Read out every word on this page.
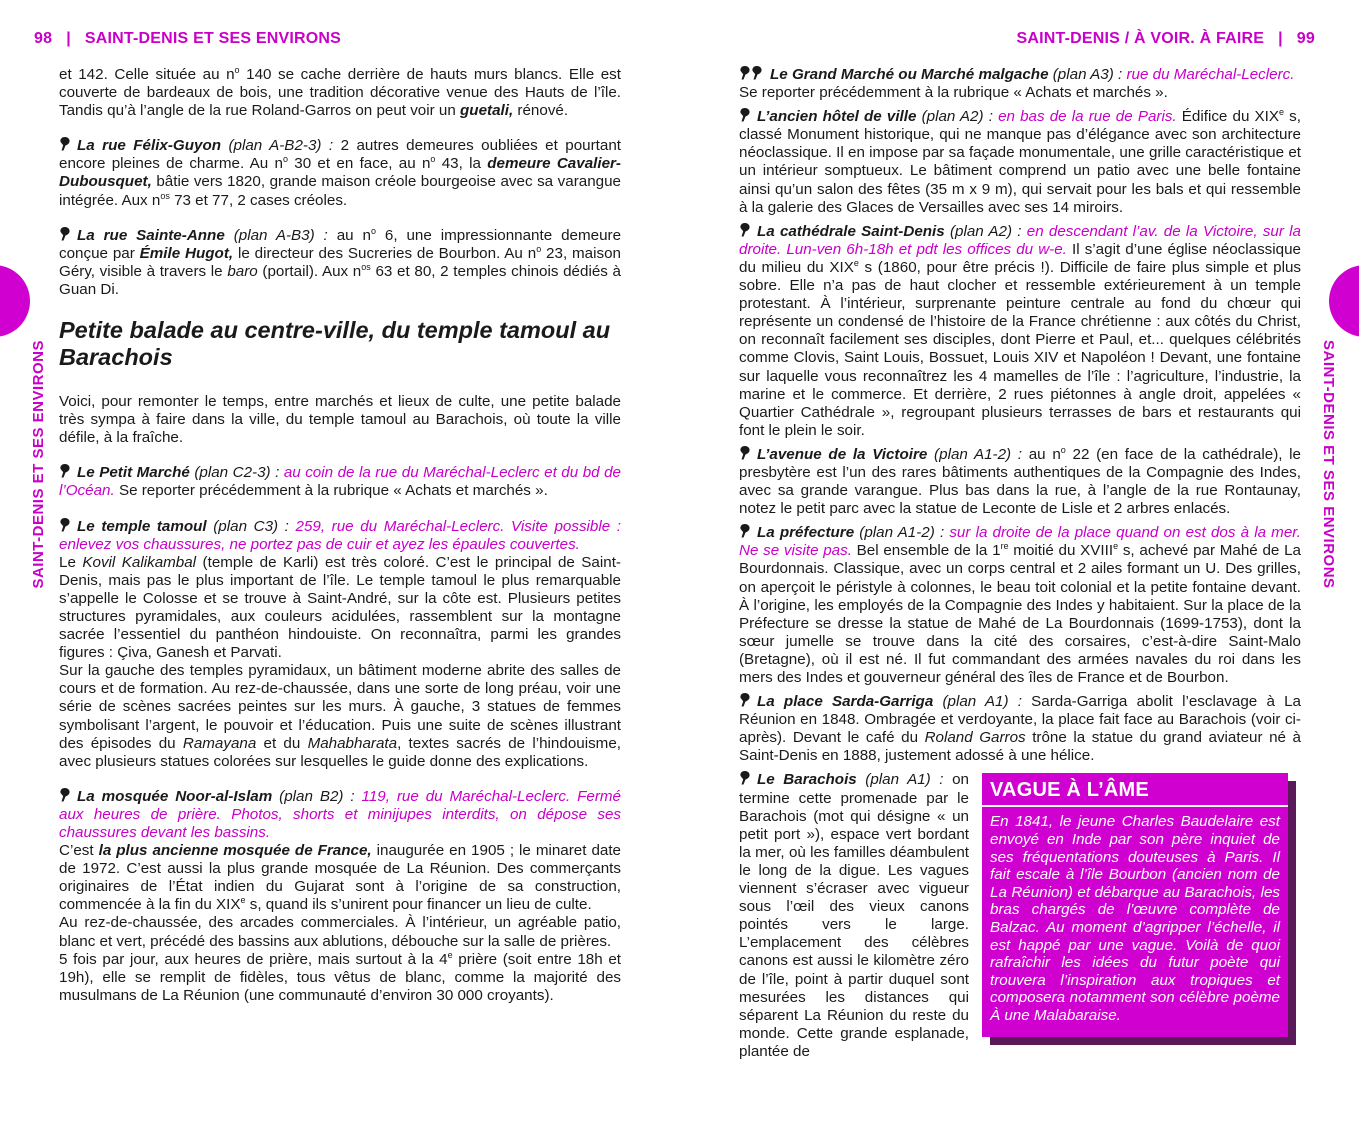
98 | SAINT-DENIS ET SES ENVIRONS	SAINT-DENIS / À VOIR. À FAIRE | 99
SAINT-DENIS ET SES ENVIRONS	SAINT-DENIS ET SES ENVIRONS

et 142. Celle située au $n^o$ 140 se cache derrière de hauts murs blancs. Elle est couverte de bardeaux de bois, une tradition décorative venue des Hauts de l’île. Tandis qu’à l’angle de la rue Roland-Garros on peut voir un guetali, rénové.

La rue Félix-Guyon (plan A-B2-3) : 2 autres demeures oubliées et pourtant encore pleines de charme. Au $n^o$ 30 et en face, au $n^o$ 43, la demeure Cavalier-Dubousquet, bâtie vers 1820, grande maison créole bourgeoise avec sa varangue intégrée. Aux $n^{os}$ 73 et 77, 2 cases créoles.

La rue Sainte-Anne (plan A-B3) : au $n^o$ 6, une impressionnante demeure conçue par Émile Hugot, le directeur des Sucreries de Bourbon. Au $n^o$ 23, maison Géry, visible à travers le baro (portail). Aux $n^{os}$ 63 et 80, 2 temples chinois dédiés à Guan Di.

Petite balade au centre-ville, du temple tamoul au Barachois

Voici, pour remonter le temps, entre marchés et lieux de culte, une petite balade très sympa à faire dans la ville, du temple tamoul au Barachois, où toute la ville défile, à la fraîche.

Le Petit Marché (plan C2-3) : au coin de la rue du Maréchal-Leclerc et du bd de l’Océan. Se reporter précédemment à la rubrique « Achats et marchés ».

Le temple tamoul (plan C3) : 259, rue du Maréchal-Leclerc. Visite possible : enlevez vos chaussures, ne portez pas de cuir et ayez les épaules couvertes.

Le Kovil Kalikambal (temple de Karli) est très coloré. C’est le principal de Saint-Denis, mais pas le plus important de l’île. Le temple tamoul le plus remarquable s’appelle le Colosse et se trouve à Saint-André, sur la côte est. Plusieurs petites structures pyramidales, aux couleurs acidulées, rassemblent sur la montagne sacrée l’essentiel du panthéon hindouiste. On reconnaîtra, parmi les grandes figures : Çiva, Ganesh et Parvati.

Sur la gauche des temples pyramidaux, un bâtiment moderne abrite des salles de cours et de formation. Au rez-de-chaussée, dans une sorte de long préau, voir une série de scènes sacrées peintes sur les murs. À gauche, 3 statues de femmes symbolisant l’argent, le pouvoir et l’éducation. Puis une suite de scènes illustrant des épisodes du Ramayana et du Mahabharata, textes sacrés de l’hindouisme, avec plusieurs statues colorées sur lesquelles le guide donne des explications.

La mosquée Noor-al-Islam (plan B2) : 119, rue du Maréchal-Leclerc. Fermé aux heures de prière. Photos, shorts et minijupes interdits, on dépose ses chaussures devant les bassins.

C’est la plus ancienne mosquée de France, inaugurée en 1905 ; le minaret date de 1972. C’est aussi la plus grande mosquée de La Réunion. Des commerçants originaires de l’État indien du Gujarat sont à l’origine de sa construction, commencée à la fin du XIXe s, quand ils s’unirent pour financer un lieu de culte.

Au rez-de-chaussée, des arcades commerciales. À l’intérieur, un agréable patio, blanc et vert, précédé des bassins aux ablutions, débouche sur la salle de prières.

5 fois par jour, aux heures de prière, mais surtout à la 4e prière (soit entre 18h et 19h), elle se remplit de fidèles, tous vêtus de blanc, comme la majorité des musulmans de La Réunion (une communauté d’environ 30 000 croyants).

Le Grand Marché ou Marché malgache (plan A3) : rue du Maréchal-Leclerc.

Se reporter précédemment à la rubrique « Achats et marchés ».

L’ancien hôtel de ville (plan A2) : en bas de la rue de Paris. Édifice du XIXe s, classé Monument historique, qui ne manque pas d’élégance avec son architecture néoclassique. Il en impose par sa façade monumentale, une grille caractéristique et un intérieur somptueux. Le bâtiment comprend un patio avec une belle fontaine ainsi qu’un salon des fêtes (35 m x 9 m), qui servait pour les bals et qui ressemble à la galerie des Glaces de Versailles avec ses 14 miroirs.

La cathédrale Saint-Denis (plan A2) : en descendant l’av. de la Victoire, sur la droite. Lun-ven 6h-18h et pdt les offices du w-e. Il s’agit d’une église néoclassique du milieu du XIXe s (1860, pour être précis !). Difficile de faire plus simple et plus sobre. Elle n’a pas de haut clocher et ressemble extérieurement à un temple protestant. À l’intérieur, surprenante peinture centrale au fond du chœur qui représente un condensé de l’histoire de la France chrétienne : aux côtés du Christ, on reconnaît facilement ses disciples, dont Pierre et Paul, et... quelques célébrités comme Clovis, Saint Louis, Bossuet, Louis XIV et Napoléon ! Devant, une fontaine sur laquelle vous reconnaîtrez les 4 mamelles de l’île : l’agriculture, l’industrie, la marine et le commerce. Et derrière, 2 rues piétonnes à angle droit, appelées « Quartier Cathédrale », regroupant plusieurs terrasses de bars et restaurants qui font le plein le soir.

L’avenue de la Victoire (plan A1-2) : au $n^o$ 22 (en face de la cathédrale), le presbytère est l’un des rares bâtiments authentiques de la Compagnie des Indes, avec sa grande varangue. Plus bas dans la rue, à l’angle de la rue Rontaunay, notez le petit parc avec la statue de Leconte de Lisle et 2 arbres enlacés.

La préfecture (plan A1-2) : sur la droite de la place quand on est dos à la mer. Ne se visite pas. Bel ensemble de la 1re moitié du XVIIIe s, achevé par Mahé de La Bourdonnais. Classique, avec un corps central et 2 ailes formant un U. Des grilles, on aperçoit le péristyle à colonnes, le beau toit colonial et la petite fontaine devant. À l’origine, les employés de la Compagnie des Indes y habitaient. Sur la place de la Préfecture se dresse la statue de Mahé de La Bourdonnais (1699-1753), dont la sœur jumelle se trouve dans la cité des corsaires, c’est-à-dire Saint-Malo (Bretagne), où il est né. Il fut commandant des armées navales du roi dans les mers des Indes et gouverneur général des îles de France et de Bourbon.

La place Sarda-Garriga (plan A1) : Sarda-Garriga abolit l’esclavage à La Réunion en 1848. Ombragée et verdoyante, la place fait face au Barachois (voir ci-après). Devant le café du Roland Garros trône la statue du grand aviateur né à Saint-Denis en 1888, justement adossé à une hélice.

Le Barachois (plan A1) : on termine cette promenade par le Barachois (mot qui désigne « un petit port »), espace vert bordant la mer, où les familles déambulent le long de la digue. Les vagues viennent s’écraser avec vigueur sous l’œil des vieux canons pointés vers le large. L’emplacement des célèbres canons est aussi le kilomètre zéro de l’île, point à partir duquel sont mesurées les distances qui séparent La Réunion du reste du monde. Cette grande esplanade, plantée de

VAGUE À L’ÂME
En 1841, le jeune Charles Baudelaire est envoyé en Inde par son père inquiet de ses fréquentations douteuses à Paris. Il fait escale à l’île Bourbon (ancien nom de La Réunion) et débarque au Barachois, les bras chargés de l’œuvre complète de Balzac. Au moment d’agripper l’échelle, il est happé par une vague. Voilà de quoi rafraîchir les idées du futur poète qui trouvera l’inspiration aux tropiques et composera notamment son célèbre poème À une Malabaraise.
